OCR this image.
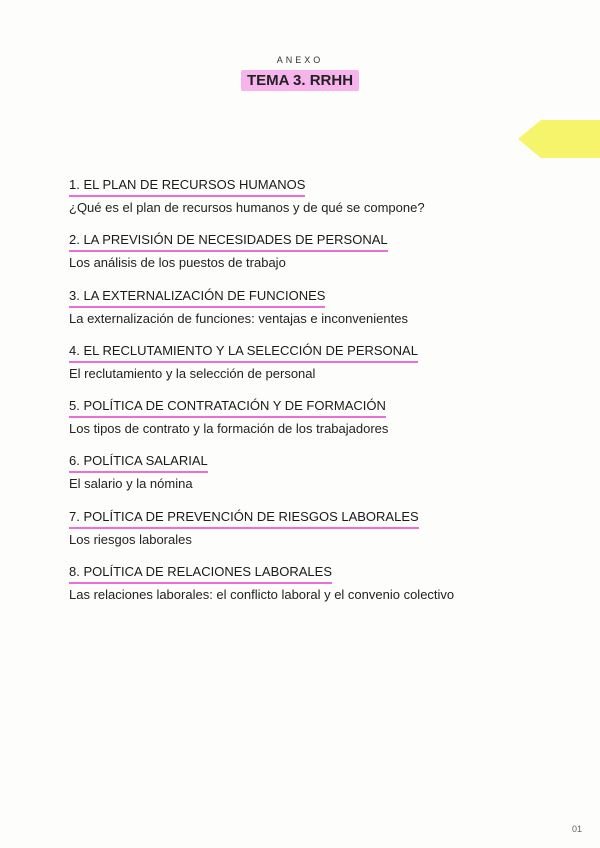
ANEXO
TEMA 3. RRHH
1. EL PLAN DE RECURSOS HUMANOS
¿Qué es el plan de recursos humanos y de qué se compone?
2. LA PREVISIÓN DE NECESIDADES DE PERSONAL
Los análisis de los puestos de trabajo
3. LA EXTERNALIZACIÓN DE FUNCIONES
La externalización de funciones: ventajas e inconvenientes
4. EL RECLUTAMIENTO Y LA SELECCIÓN DE PERSONAL
El reclutamiento y la selección de personal
5. POLÍTICA DE CONTRATACIÓN Y DE FORMACIÓN
Los tipos de contrato y la formación de los trabajadores
6. POLÍTICA SALARIAL
El salario y la nómina
7. POLÍTICA DE PREVENCIÓN DE RIESGOS LABORALES
Los riesgos laborales
8. POLÍTICA DE RELACIONES LABORALES
Las relaciones laborales: el conflicto laboral y el convenio colectivo
01
